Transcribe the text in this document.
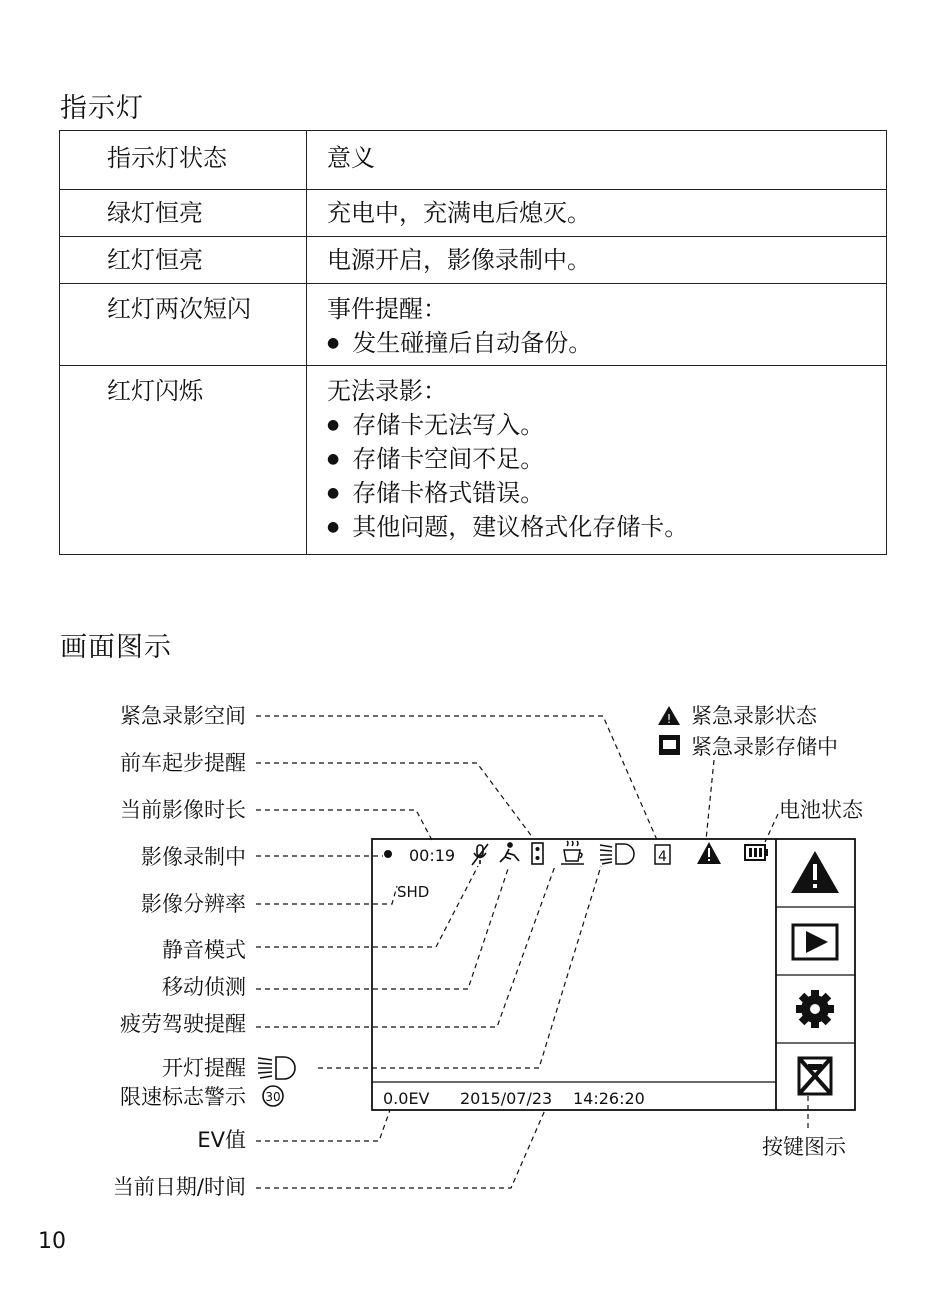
指示灯
指示灯状态	意义
绿灯恒亮	充电中，充满电后熄灭。
红灯恒亮	电源开启，影像录制中。
红灯两次短闪	事件提醒：
● 发生碰撞后自动备份。

红灯闪烁	无法录影：
● 存储卡无法写入。
● 存储卡空间不足。
● 存储卡格式错误。
● 其他问题，建议格式化存储卡。
画面图示
紧急录影空间
前车起步提醒
当前影像时长
影像录制中
影像分辨率
静音模式
移动侦测
疲劳驾驶提醒
开灯提醒
限速标志警示
EV值
当前日期/时间
30
! 紧急录影状态
紧急录影存储中
电池状态
按键图示
00:19	4
SHD
0.0EV 2015/07/23 14:26:20
10
